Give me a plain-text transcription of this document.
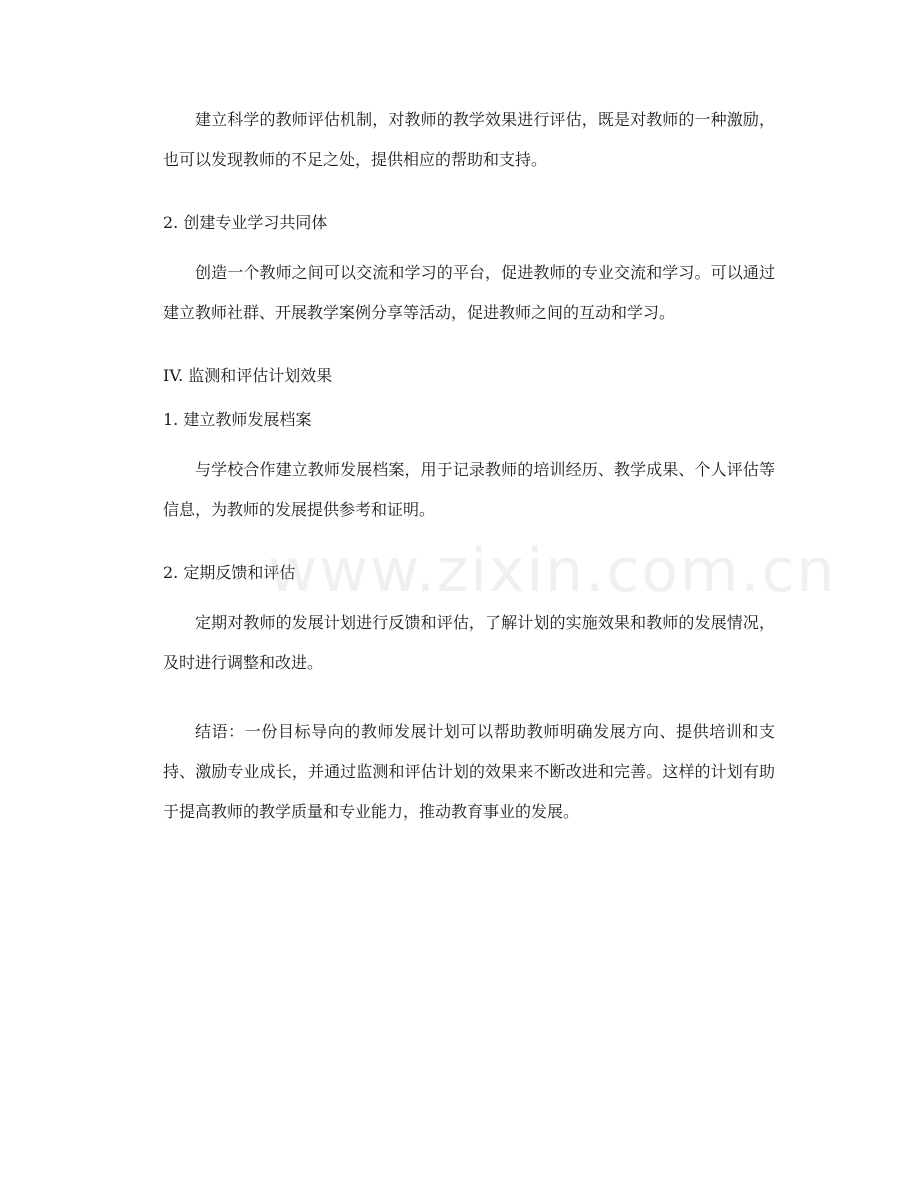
建立科学的教师评估机制，对教师的教学效果进行评估，既是对教师的一种激励，也可以发现教师的不足之处，提供相应的帮助和支持。

2. 创建专业学习共同体

创造一个教师之间可以交流和学习的平台，促进教师的专业交流和学习。可以通过建立教师社群、开展教学案例分享等活动，促进教师之间的互动和学习。

IV. 监测和评估计划效果

1. 建立教师发展档案

与学校合作建立教师发展档案，用于记录教师的培训经历、教学成果、个人评估等信息，为教师的发展提供参考和证明。

2. 定期反馈和评估

定期对教师的发展计划进行反馈和评估，了解计划的实施效果和教师的发展情况，及时进行调整和改进。

结语：一份目标导向的教师发展计划可以帮助教师明确发展方向、提供培训和支持、激励专业成长，并通过监测和评估计划的效果来不断改进和完善。这样的计划有助于提高教师的教学质量和专业能力，推动教育事业的发展。

www.zixin.com.cn
